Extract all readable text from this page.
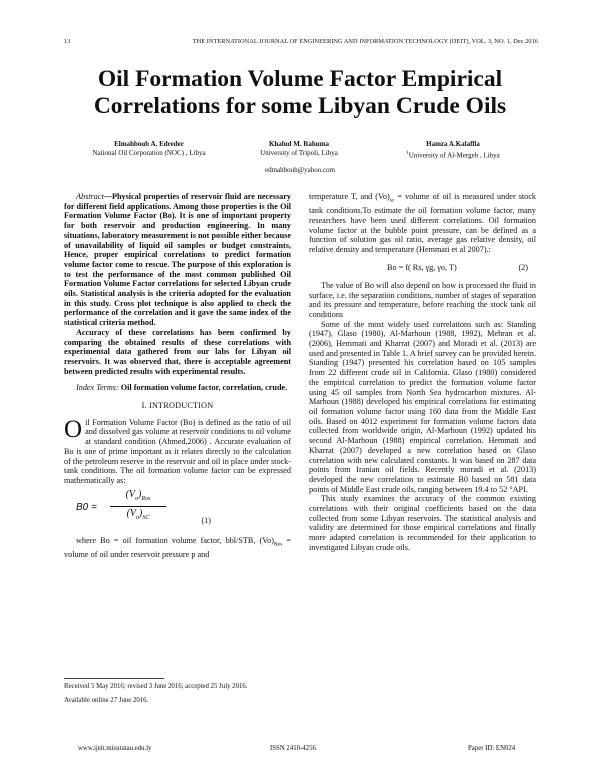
13	THE INTERNATIONAL JOURNAL OF ENGINEERING AND INFORMATION TECHNOLOGY (IJEIT), VOL. 3, NO. 1, Dec 2016
Oil Formation Volume Factor Empirical Correlations for some Libyan Crude Oils
Elmahboub A. Edreder
National Oil Corporation (NOC) , Libya
Khalud M. Rahuma
University of Tripoli, Libya
Hamza A.Kalaflla
$^1$University of Al-Mergeb , Libya
edmahboub@yahoo.com

Abstract—Physical properties of reservoir fluid are necessary for different field applications. Among those properties is the Oil Formation Volume Factor (Bo). It is one of important property for both reservoir and production engineering. In many situations, laboratory measurement is not possible either because of unavailability of liquid oil samples or budget constraints, Hence, proper empirical correlations to predict formation volume factor come to rescue. The purpose of this exploration is to test the performance of the most common published Oil Formation Volume Factor correlations for selected Libyan crude oils. Statistical analysis is the criteria adopted for the evaluation in this study. Cross plot technique is also applied to check the performance of the correlation and it gave the same index of the statistical criteria method.

Accuracy of these correlations has been confirmed by comparing the obtained results of these correlations with experimental data gathered from our labs for Libyan oil reservoirs. It was observed that, there is acceptable agreement between predicted results with experimental results.

Index Terms: Oil formation volume factor, correlation, crude.

I. INTRODUCTION

Oil Formation Volume Factor (Bo) is defined as the ratio of oil and dissolved gas volume at reservoir conditions to oil volume at standard condition (Ahmed,2006) . Accurate evaluation of Bo is one of prime important as it relates directly to the calculation of the petroleum reserve in the reservoir and oil in place under stock-tank conditions. The oil formation volume factor can be expressed mathematically as:

B0 =
$(V_o)_{Ros}$
$(V_o)_{SC}$	(1)

where Bo = oil formation volume factor, bbl/STB, $(Vo)_{Res}$ = volume of oil under reservoir pressure p and

temperature T, and $(Vo)_{sc}$ = volume of oil is measured under stock tank conditions.To estimate the oil formation volume factor, many researchers have been used different correlations. Oil formation volume factor at the bubble point pressure, can be defined as a function of solution gas oil ratio, average gas relative density, oil relative density and temperature (Hemmati et al 2007).:

Bo = f( Rs, γg, γo, T)	(2)

The value of Bo will also depend on how is processed the fluid in surface, i.e. the separation conditions, number of stages of separation and its pressure and temperature, before reaching the stock tank oil conditions

Some of the most widely used correlations such as: Standing (1947), Glaso (1980), Al-Marhoun (1988, 1992), Mehran et al. (2006), Hemmati and Kharrat (2007) and Moradi et al. (2013) are used and presented in Table 1. A brief survey can be provided herein. Standing (1947) presented his correlation based on 105 samples from 22 different crude oil in California. Glaso (1980) considered the empirical correlation to predict the formation volume factor using 45 oil samples from North Sea hydrocarbon mixtures. Al-Marhoun (1988) developed his empirical correlations for estimating oil formation volume factor using 160 data from the Middle East oils. Based on 4012 experiment for formation volume factors data collected from worldwide origin, Al-Marhoun (1992) updated his second Al-Marhoun (1988) empirical correlation. Hemmati and Kharrat (2007) developed a new correlation based on Glaso correlation with new calculated constants. It was based on 287 data points from Iranian oil fields. Recently moradi et al. (2013) developed the new correlation to estimate B0 based on 581 data points of Middle East crude oils, ranging between 19.4 to 52 °API.

This study examines the accuracy of the common existing correlations with their original coefficients based on the data collected from some Libyan reservoirs. The statistical analysis and validity are determined for those empirical correlations and finally more adapted correlation is recommended for their application to investigated Libyan crude oils.

Received 5 May 2016; revised 3 June 2016; accepted 25 July 2016.
Available online 27 June 2016.
www.ijeit.misuratau.edu.ly	ISSN 2410-4256	Paper ID: EN024
